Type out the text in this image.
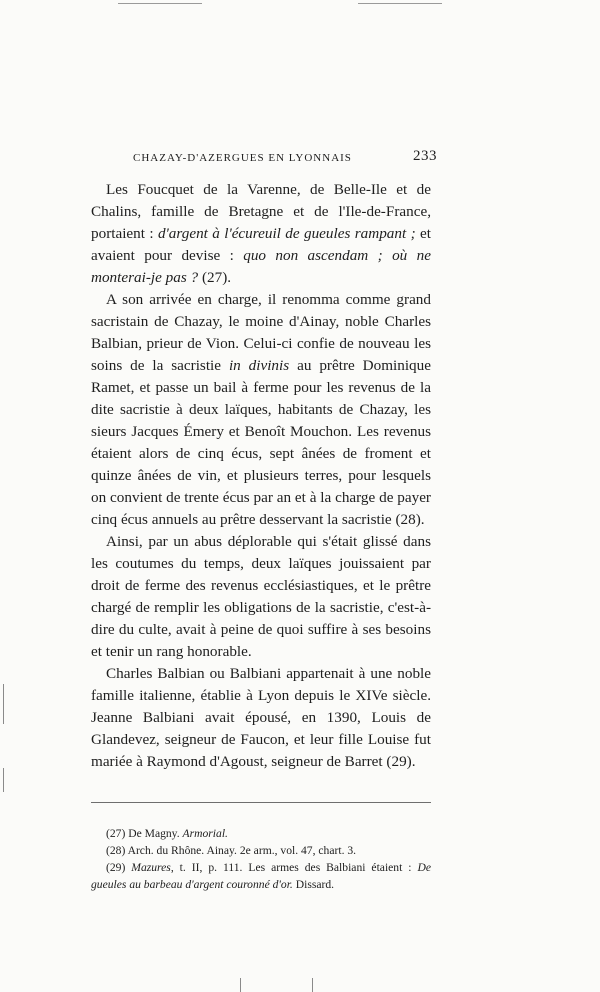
CHAZAY-D'AZERGUES EN LYONNAIS	233

Les Foucquet de la Varenne, de Belle-Ile et de Chalins, famille de Bretagne et de l'Ile-de-France, portaient : d'argent à l'écureuil de gueules rampant ; et avaient pour devise : quo non ascendam ; où ne monterai-je pas ? (27).

A son arrivée en charge, il renomma comme grand sacristain de Chazay, le moine d'Ainay, noble Charles Balbian, prieur de Vion. Celui-ci confie de nouveau les soins de la sacristie in divinis au prêtre Dominique Ramet, et passe un bail à ferme pour les revenus de la dite sacristie à deux laïques, habitants de Chazay, les sieurs Jacques Émery et Benoît Mouchon. Les revenus étaient alors de cinq écus, sept ânées de froment et quinze ânées de vin, et plusieurs terres, pour lesquels on convient de trente écus par an et à la charge de payer cinq écus annuels au prêtre desservant la sacristie (28).

Ainsi, par un abus déplorable qui s'était glissé dans les coutumes du temps, deux laïques jouissaient par droit de ferme des revenus ecclésiastiques, et le prêtre chargé de remplir les obligations de la sacristie, c'est-à-dire du culte, avait à peine de quoi suffire à ses besoins et tenir un rang honorable.

Charles Balbian ou Balbiani appartenait à une noble famille italienne, établie à Lyon depuis le XIVe siècle. Jeanne Balbiani avait épousé, en 1390, Louis de Glandevez, seigneur de Faucon, et leur fille Louise fut mariée à Raymond d'Agoust, seigneur de Barret (29).

(27) De Magny. Armorial.

(28) Arch. du Rhône. Ainay. 2e arm., vol. 47, chart. 3.

(29) Mazures, t. II, p. 111. Les armes des Balbiani étaient : De gueules au barbeau d'argent couronné d'or. Dissard.
